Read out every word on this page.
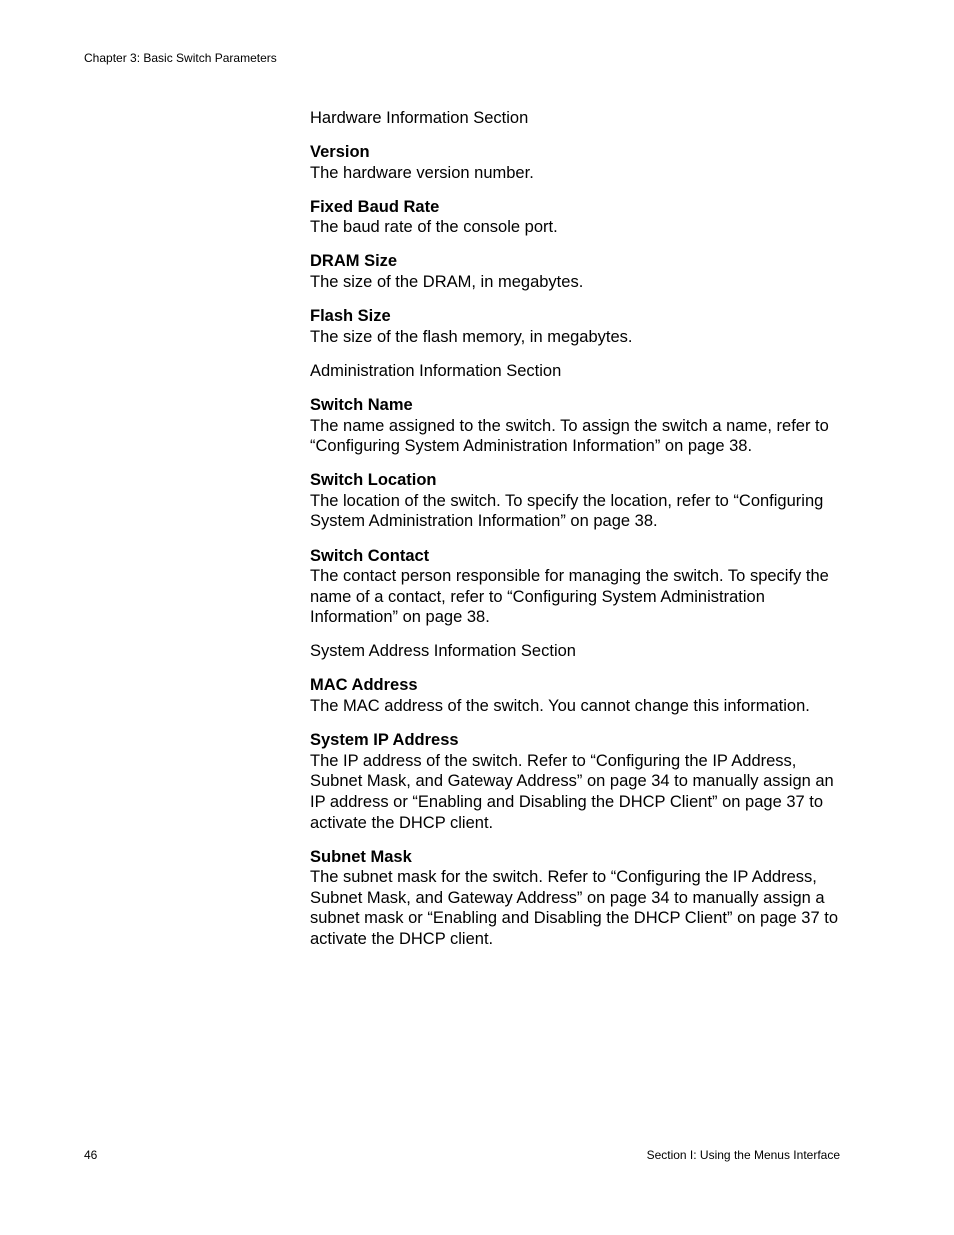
Chapter 3: Basic Switch Parameters
Hardware Information Section
Version
The hardware version number.
Fixed Baud Rate
The baud rate of the console port.
DRAM Size
The size of the DRAM, in megabytes.
Flash Size
The size of the flash memory, in megabytes.
Administration Information Section
Switch Name
The name assigned to the switch. To assign the switch a name, refer to “Configuring System Administration Information” on page 38.
Switch Location
The location of the switch. To specify the location, refer to “Configuring System Administration Information” on page 38.
Switch Contact
The contact person responsible for managing the switch. To specify the name of a contact, refer to “Configuring System Administration Information” on page 38.
System Address Information Section
MAC Address
The MAC address of the switch. You cannot change this information.
System IP Address
The IP address of the switch. Refer to “Configuring the IP Address, Subnet Mask, and Gateway Address” on page 34 to manually assign an IP address or “Enabling and Disabling the DHCP Client” on page 37 to activate the DHCP client.
Subnet Mask
The subnet mask for the switch. Refer to “Configuring the IP Address, Subnet Mask, and Gateway Address” on page 34 to manually assign a subnet mask or “Enabling and Disabling the DHCP Client” on page 37 to activate the DHCP client.
46	Section I: Using the Menus Interface
